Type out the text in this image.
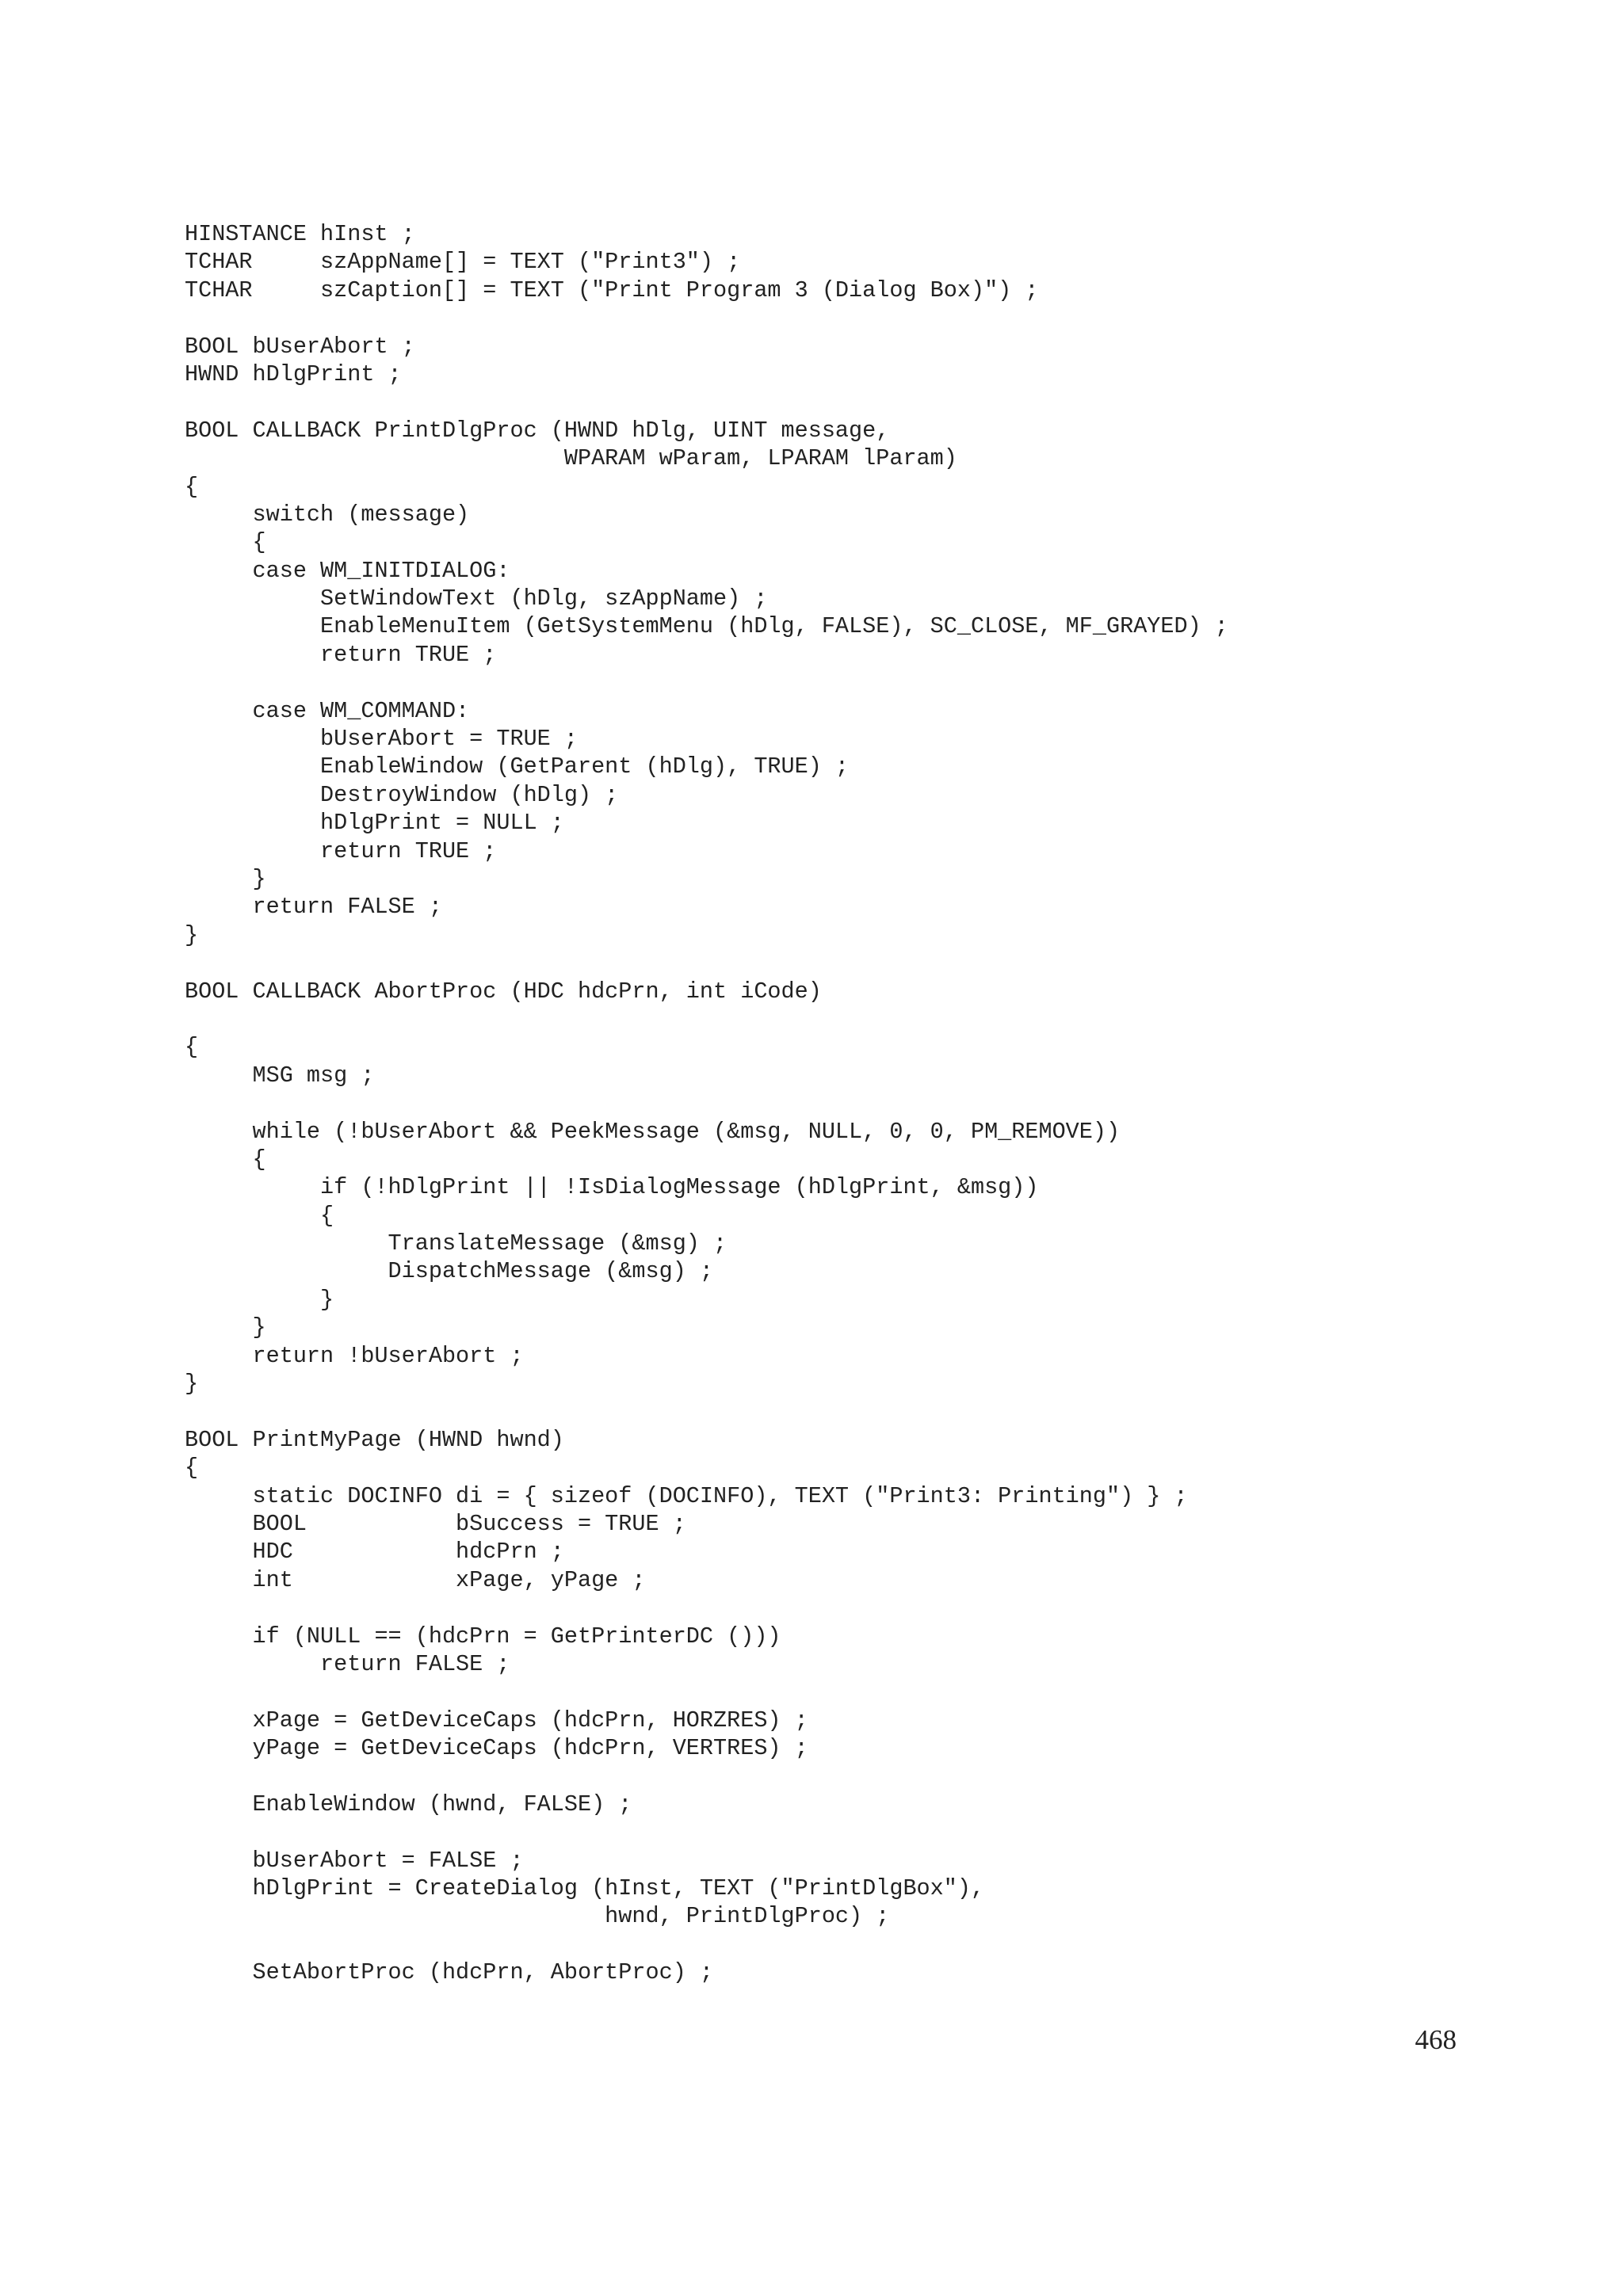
HINSTANCE hInst ;
TCHAR     szAppName[] = TEXT ("Print3") ;
TCHAR     szCaption[] = TEXT ("Print Program 3 (Dialog Box)") ;
BOOL bUserAbort ;
HWND hDlgPrint ;
BOOL CALLBACK PrintDlgProc (HWND hDlg, UINT message,
WPARAM wParam, LPARAM lParam)
{
switch (message)
{
case WM_INITDIALOG:
SetWindowText (hDlg, szAppName) ;
EnableMenuItem (GetSystemMenu (hDlg, FALSE), SC_CLOSE, MF_GRAYED) ;
return TRUE ;
case WM_COMMAND:
bUserAbort = TRUE ;
EnableWindow (GetParent (hDlg), TRUE) ;
DestroyWindow (hDlg) ;
hDlgPrint = NULL ;
return TRUE ;
}
return FALSE ;
}
BOOL CALLBACK AbortProc (HDC hdcPrn, int iCode)
{
MSG msg ;
while (!bUserAbort && PeekMessage (&msg, NULL, 0, 0, PM_REMOVE))
{
if (!hDlgPrint || !IsDialogMessage (hDlgPrint, &msg))
{
TranslateMessage (&msg) ;
DispatchMessage (&msg) ;
}
}
return !bUserAbort ;
}
BOOL PrintMyPage (HWND hwnd)
{
static DOCINFO di = { sizeof (DOCINFO), TEXT ("Print3: Printing") } ;
BOOL           bSuccess = TRUE ;
HDC            hdcPrn ;
int            xPage, yPage ;
if (NULL == (hdcPrn = GetPrinterDC ()))
return FALSE ;
xPage = GetDeviceCaps (hdcPrn, HORZRES) ;
yPage = GetDeviceCaps (hdcPrn, VERTRES) ;
EnableWindow (hwnd, FALSE) ;
bUserAbort = FALSE ;
hDlgPrint = CreateDialog (hInst, TEXT ("PrintDlgBox"),
hwnd, PrintDlgProc) ;
SetAbortProc (hdcPrn, AbortProc) ;
468
